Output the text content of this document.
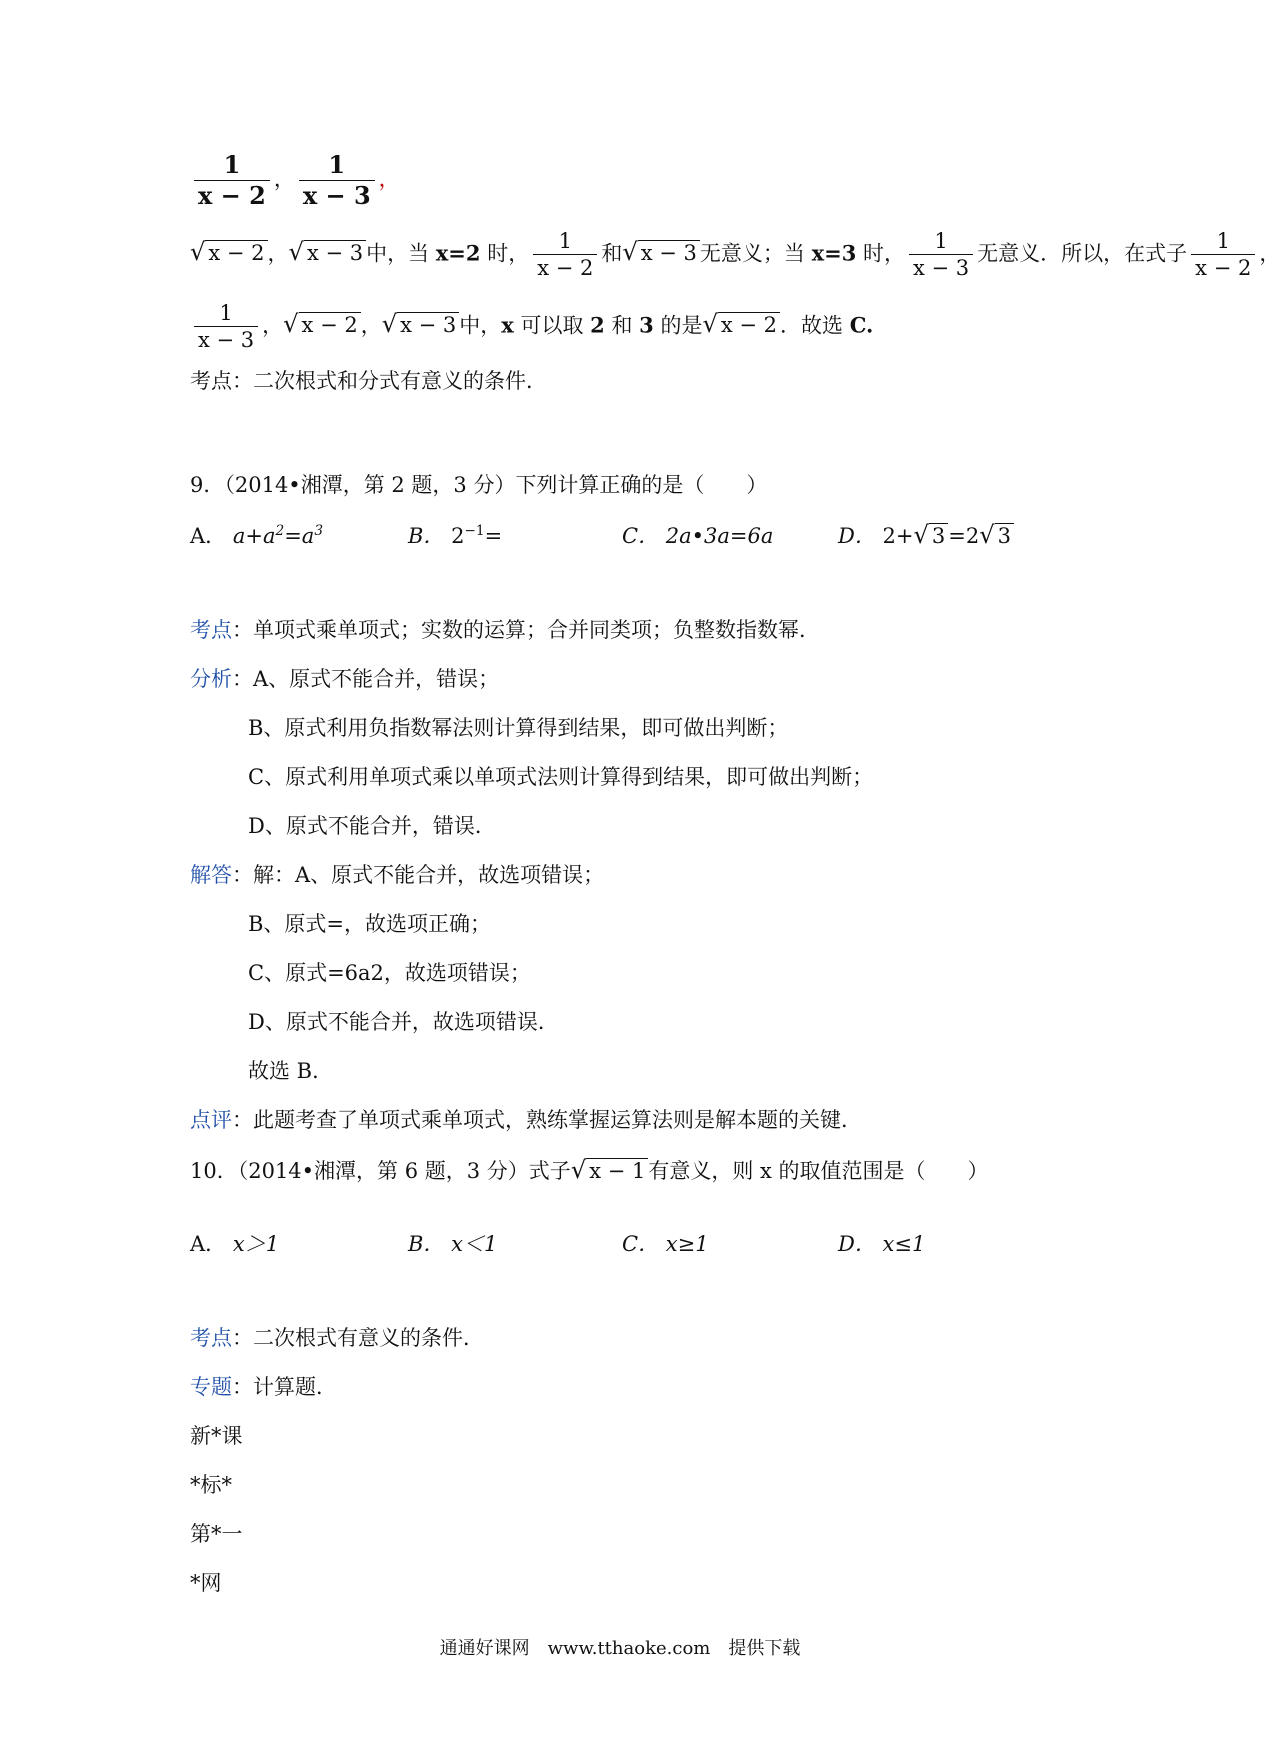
$\frac{1}{x - 2}$ ， $\frac{1}{x - 3}$ ，
√ x − 2 ，√ x − 3 中，当 x=2 时， $\frac{1}{x - 2}$ 和√ x − 3 无意义；当 x=3 时， $\frac{1}{x - 3}$ 无意义．所以，在式子 $\frac{1}{x - 2}$ ，
$\frac{1}{x - 3}$ ，√ x − 2 ，√ x − 3 中，x 可以取 2 和 3 的是√ x − 2 ．故选 C.
考点：二次根式和分式有意义的条件．
9．（2014•湘潭，第 2 题，3 分）下列计算正确的是（　　）
A． $a+a^2=a^3$	B． $2^{-1}=$	C． 2a•3a=6a	D． 2+√ 3 =2√ 3
考点：单项式乘单项式；实数的运算；合并同类项；负整数指数幂．
分析：A、原式不能合并，错误；
B、原式利用负指数幂法则计算得到结果，即可做出判断；
C、原式利用单项式乘以单项式法则计算得到结果，即可做出判断；
D、原式不能合并，错误．
解答：解：A、原式不能合并，故选项错误；
B、原式=，故选项正确；
C、原式=6a2，故选项错误；
D、原式不能合并，故选项错误．
故选 B．
点评：此题考查了单项式乘单项式，熟练掌握运算法则是解本题的关键．
10．（2014•湘潭，第 6 题，3 分）式子√ x − 1 有意义，则 x 的取值范围是（　　）
A． x＞1	B． x＜1	C． x≥1	D． x≤1
考点：二次根式有意义的条件．
专题：计算题．
新*课
*标*
第*一
*网
通通好课网　www.tthaoke.com　提供下载
